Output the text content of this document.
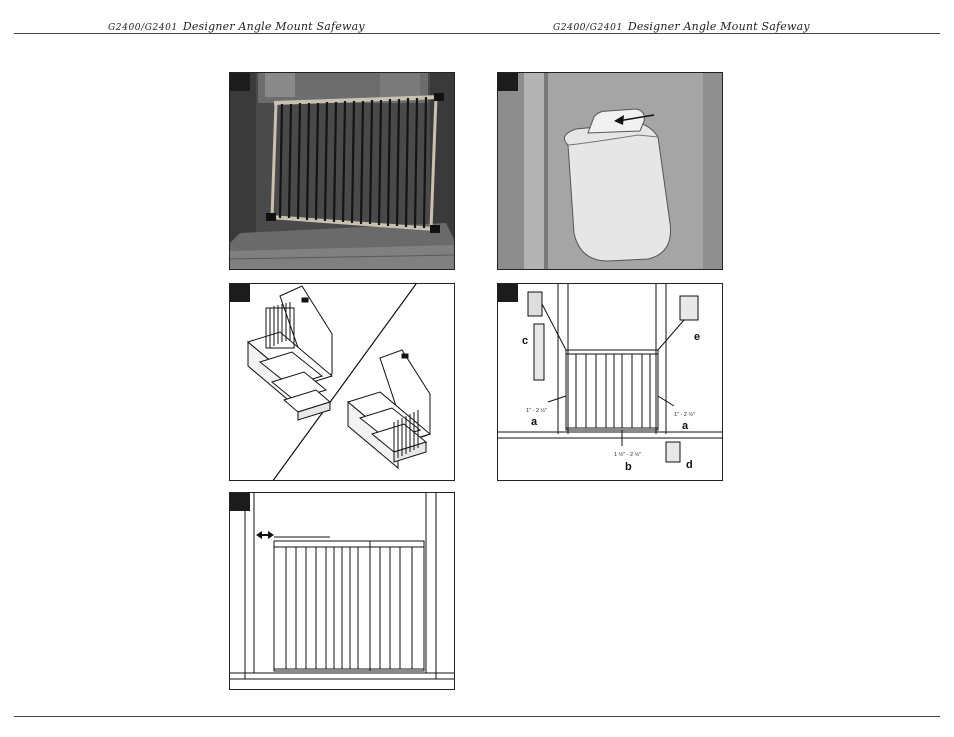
G2400/G2401 Designer Angle Mount Safeway	G2400/G2401 Designer Angle Mount Safeway
c	e
a	a
b	d
1" - 2 ½"
1" - 2 ½"
1 ½" - 2 ½"
